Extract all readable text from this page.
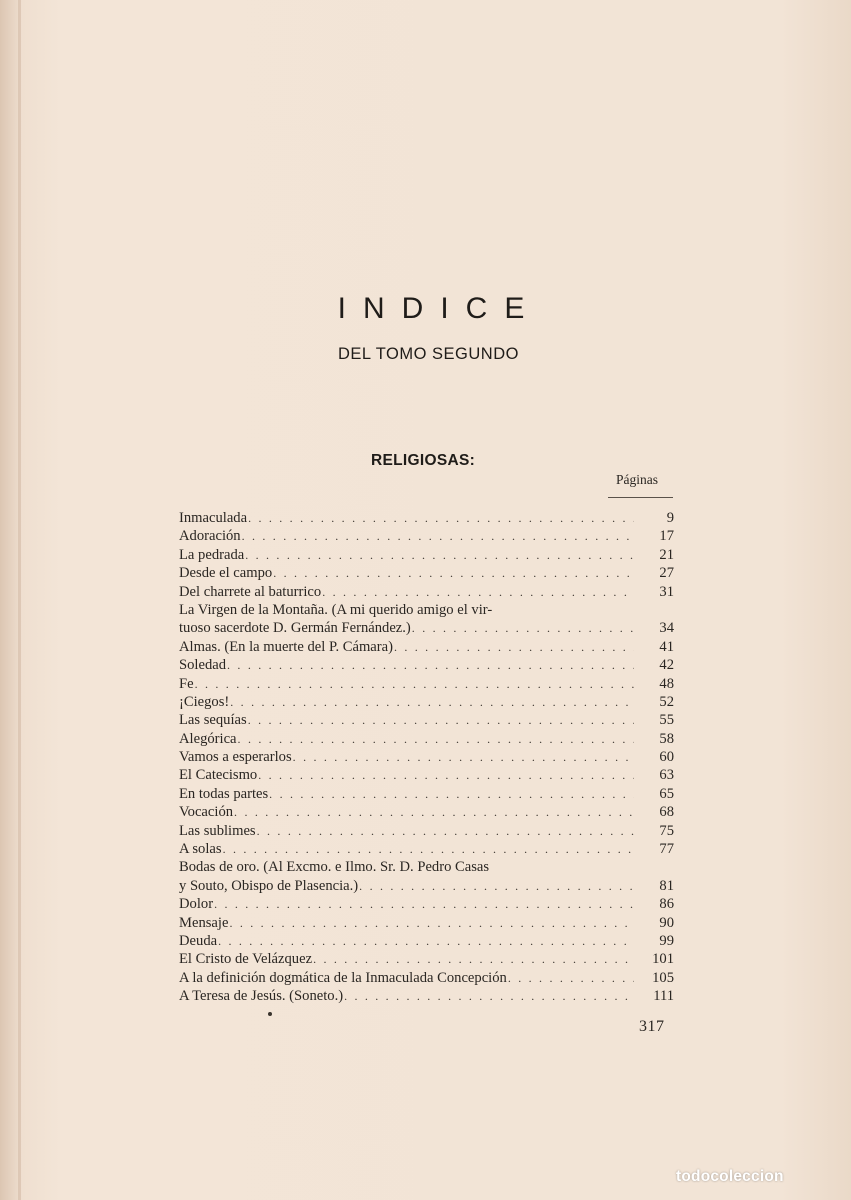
INDICE
DEL TOMO SEGUNDO
RELIGIOSAS:
Páginas
Inmaculada . . .	9
Adoración . . .	17
La pedrada . . .	21
Desde el campo . . .	27
Del charrete al baturrico . . .	31
La Virgen de la Montaña. (A mi querido amigo el vir-
tuoso sacerdote D. Germán Fernández.) . . .	34
Almas. (En la muerte del P. Cámara) . . .	41
Soledad . . .	42
Fe . . .	48
¡Ciegos! . . .	52
Las sequías . . .	55
Alegórica . . .	58
Vamos a esperarlos . . .	60
El Catecismo . . .	63
En todas partes . . .	65
Vocación . . .	68
Las sublimes . . .	75
A solas . . .	77
Bodas de oro. (Al Excmo. e Ilmo. Sr. D. Pedro Casas
y Souto, Obispo de Plasencia.) . . .	81
Dolor . . .	86
Mensaje . . .	90
Deuda . . .	99
El Cristo de Velázquez . . .	101
A la definición dogmática de la Inmaculada Concepción . . .	105
A Teresa de Jesús. (Soneto.) . . .	111
317
todocoleccion
